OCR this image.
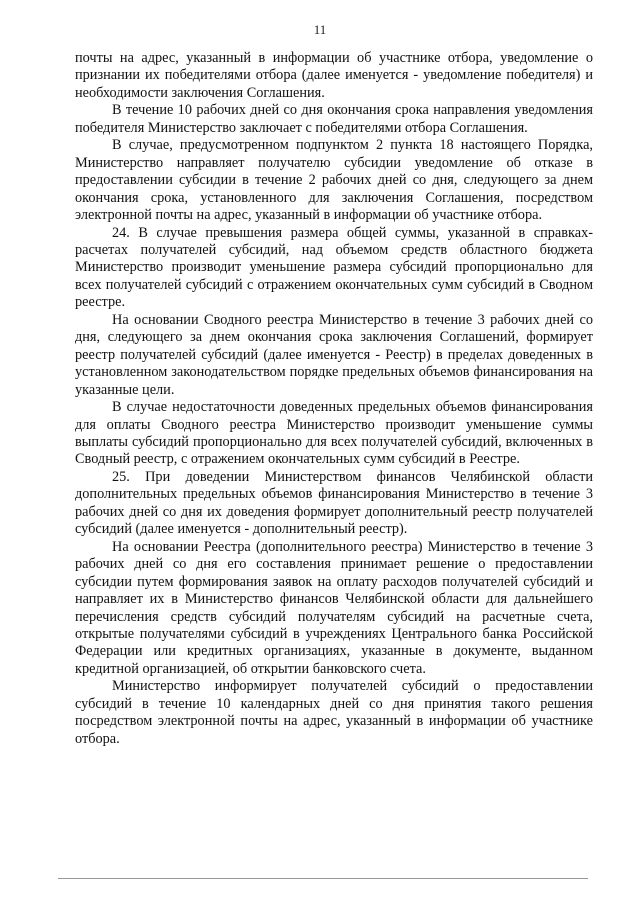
11

почты на адрес, указанный в информации об участнике отбора, уведомление о признании их победителями отбора (далее именуется - уведомление победителя) и необходимости заключения Соглашения.

В течение 10 рабочих дней со дня окончания срока направления уведомления победителя Министерство заключает с победителями отбора Соглашения.

В случае, предусмотренном подпунктом 2 пункта 18 настоящего Порядка, Министерство направляет получателю субсидии уведомление об отказе в предоставлении субсидии в течение 2 рабочих дней со дня, следующего за днем окончания срока, установленного для заключения Соглашения, посредством электронной почты на адрес, указанный в информации об участнике отбора.

24. В случае превышения размера общей суммы, указанной в справках-расчетах получателей субсидий, над объемом средств областного бюджета Министерство производит уменьшение размера субсидий пропорционально для всех получателей субсидий с отражением окончательных сумм субсидий в Сводном реестре.

На основании Сводного реестра Министерство в течение 3 рабочих дней со дня, следующего за днем окончания срока заключения Соглашений, формирует реестр получателей субсидий (далее именуется - Реестр) в пределах доведенных в установленном законодательством порядке предельных объемов финансирования на указанные цели.

В случае недостаточности доведенных предельных объемов финансирования для оплаты Сводного реестра Министерство производит уменьшение суммы выплаты субсидий пропорционально для всех получателей субсидий, включенных в Сводный реестр, с отражением окончательных сумм субсидий в Реестре.

25. При доведении Министерством финансов Челябинской области дополнительных предельных объемов финансирования Министерство в течение 3 рабочих дней со дня их доведения формирует дополнительный реестр получателей субсидий (далее именуется - дополнительный реестр).

На основании Реестра (дополнительного реестра) Министерство в течение 3 рабочих дней со дня его составления принимает решение о предоставлении субсидии путем формирования заявок на оплату расходов получателей субсидий и направляет их в Министерство финансов Челябинской области для дальнейшего перечисления средств субсидий получателям субсидий на расчетные счета, открытые получателями субсидий в учреждениях Центрального банка Российской Федерации или кредитных организациях, указанные в документе, выданном кредитной организацией, об открытии банковского счета.

Министерство информирует получателей субсидий о предоставлении субсидий в течение 10 календарных дней со дня принятия такого решения посредством электронной почты на адрес, указанный в информации об участнике отбора.
